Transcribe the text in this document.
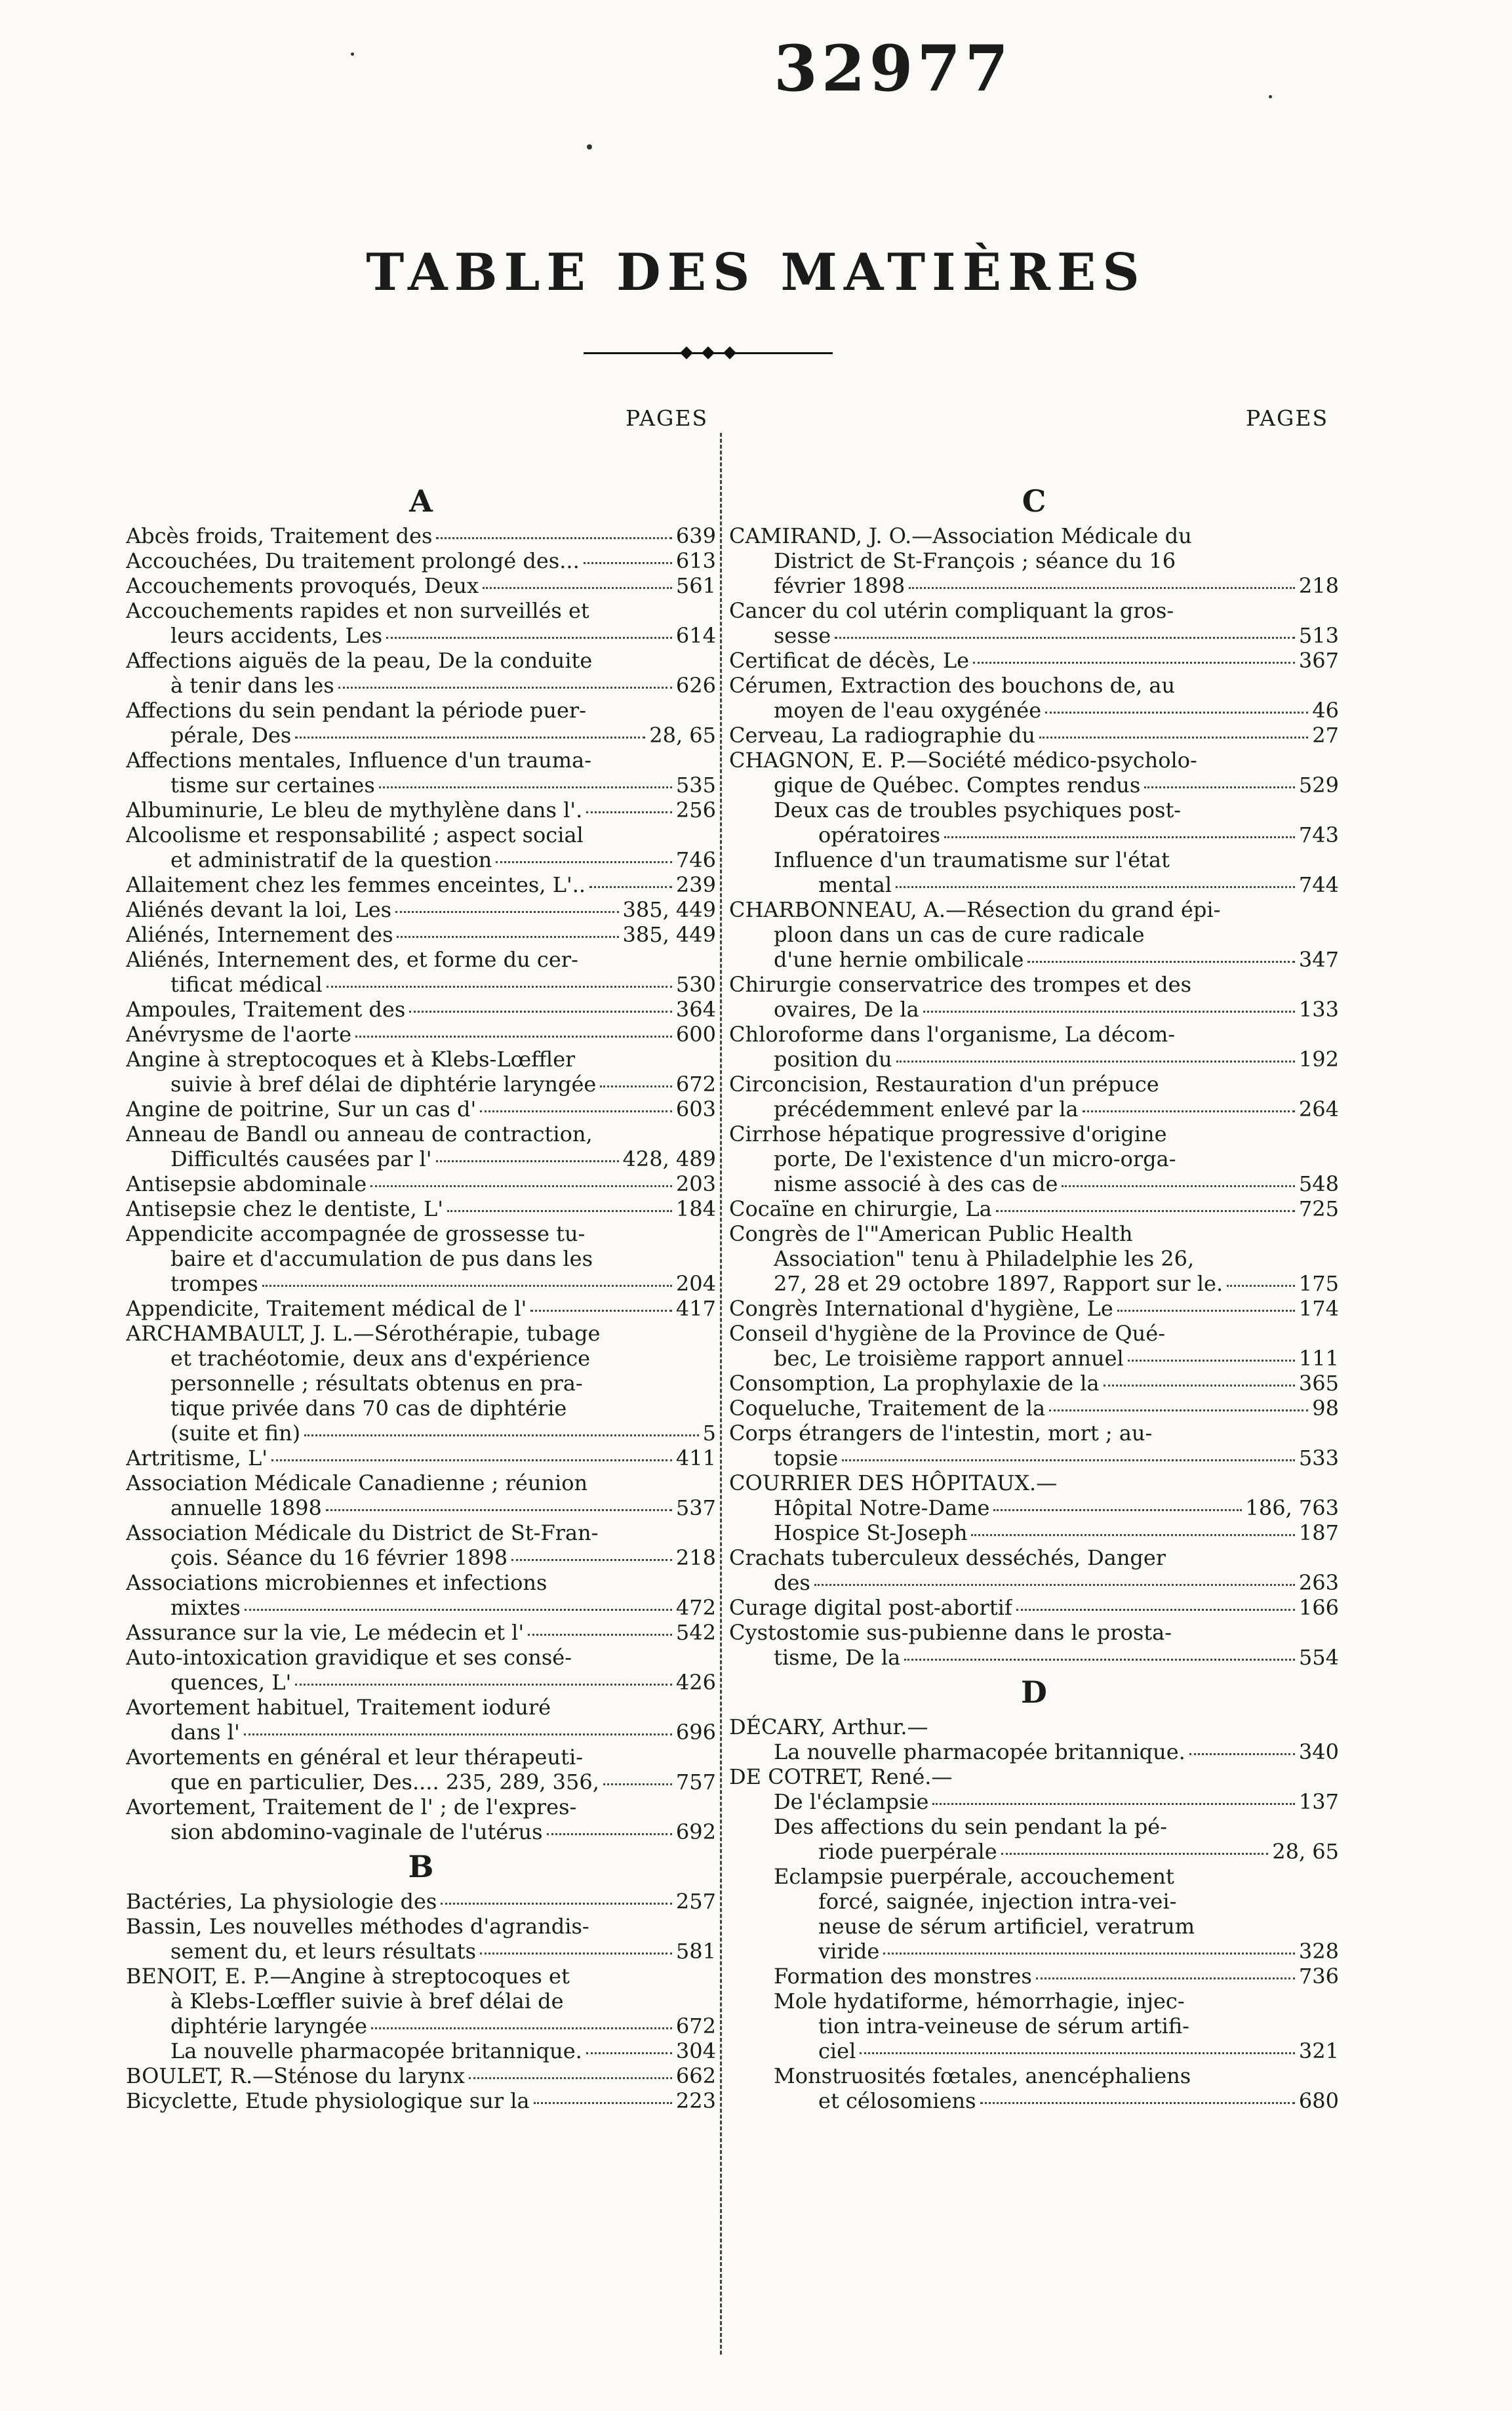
32977
TABLE DES MATIÈRES
PAGES	PAGES
A
Abcès froids, Traitement des	639
Accouchées, Du traitement prolongé des...	613
Accouchements provoqués, Deux	561
Accouchements rapides et non surveillés et
leurs accidents, Les	614
Affections aiguës de la peau, De la conduite
à tenir dans les	626
Affections du sein pendant la période puer-
pérale, Des	28, 65
Affections mentales, Influence d'un trauma-
tisme sur certaines	535
Albuminurie, Le bleu de mythylène dans l'.	256
Alcoolisme et responsabilité ; aspect social
et administratif de la question	746
Allaitement chez les femmes enceintes, L'..	239
Aliénés devant la loi, Les	385, 449
Aliénés, Internement des	385, 449
Aliénés, Internement des, et forme du cer-
tificat médical	530
Ampoules, Traitement des	364
Anévrysme de l'aorte	600
Angine à streptocoques et à Klebs-Lœffler
suivie à bref délai de diphtérie laryngée	672
Angine de poitrine, Sur un cas d'	603
Anneau de Bandl ou anneau de contraction,
Difficultés causées par l'	428, 489
Antisepsie abdominale	203
Antisepsie chez le dentiste, L'	184
Appendicite accompagnée de grossesse tu-
baire et d'accumulation de pus dans les
trompes	204
Appendicite, Traitement médical de l'	417
ARCHAMBAULT, J. L.—Sérothérapie, tubage
et trachéotomie, deux ans d'expérience
personnelle ; résultats obtenus en pra-
tique privée dans 70 cas de diphtérie
(suite et fin)	5
Artritisme, L'	411
Association Médicale Canadienne ; réunion
annuelle 1898	537
Association Médicale du District de St-Fran-
çois. Séance du 16 février 1898	218
Associations microbiennes et infections
mixtes	472
Assurance sur la vie, Le médecin et l'	542
Auto-intoxication gravidique et ses consé-
quences, L'	426
Avortement habituel, Traitement ioduré
dans l'	696
Avortements en général et leur thérapeuti-
que en particulier, Des.... 235, 289, 356,	757
Avortement, Traitement de l' ; de l'expres-
sion abdomino-vaginale de l'utérus	692
B
Bactéries, La physiologie des	257
Bassin, Les nouvelles méthodes d'agrandis-
sement du, et leurs résultats	581
BENOIT, E. P.—Angine à streptocoques et
à Klebs-Lœffler suivie à bref délai de
diphtérie laryngée	672
La nouvelle pharmacopée britannique.	304
BOULET, R.—Sténose du larynx	662
Bicyclette, Etude physiologique sur la	223
C
CAMIRAND, J. O.—Association Médicale du
District de St-François ; séance du 16
février 1898	218
Cancer du col utérin compliquant la gros-
sesse	513
Certificat de décès, Le	367
Cérumen, Extraction des bouchons de, au
moyen de l'eau oxygénée	46
Cerveau, La radiographie du	27
CHAGNON, E. P.—Société médico-psycholo-
gique de Québec. Comptes rendus	529
Deux cas de troubles psychiques post-
opératoires	743
Influence d'un traumatisme sur l'état
mental	744
CHARBONNEAU, A.—Résection du grand épi-
ploon dans un cas de cure radicale
d'une hernie ombilicale	347
Chirurgie conservatrice des trompes et des
ovaires, De la	133
Chloroforme dans l'organisme, La décom-
position du	192
Circoncision, Restauration d'un prépuce
précédemment enlevé par la	264
Cirrhose hépatique progressive d'origine
porte, De l'existence d'un micro-orga-
nisme associé à des cas de	548
Cocaïne en chirurgie, La	725
Congrès de l'"American Public Health
Association" tenu à Philadelphie les 26,
27, 28 et 29 octobre 1897, Rapport sur le.	175
Congrès International d'hygiène, Le	174
Conseil d'hygiène de la Province de Qué-
bec, Le troisième rapport annuel	111
Consomption, La prophylaxie de la	365
Coqueluche, Traitement de la	98
Corps étrangers de l'intestin, mort ; au-
topsie	533
COURRIER DES HÔPITAUX.—
Hôpital Notre-Dame	186, 763
Hospice St-Joseph	187
Crachats tuberculeux desséchés, Danger
des	263
Curage digital post-abortif	166
Cystostomie sus-pubienne dans le prosta-
tisme, De la	554
D
DÉCARY, Arthur.—
La nouvelle pharmacopée britannique.	340
DE COTRET, René.—
De l'éclampsie	137
Des affections du sein pendant la pé-
riode puerpérale	28, 65
Eclampsie puerpérale, accouchement
forcé, saignée, injection intra-vei-
neuse de sérum artificiel, veratrum
viride	328
Formation des monstres	736
Mole hydatiforme, hémorrhagie, injec-
tion intra-veineuse de sérum artifi-
ciel	321
Monstruosités fœtales, anencéphaliens
et célosomiens	680
